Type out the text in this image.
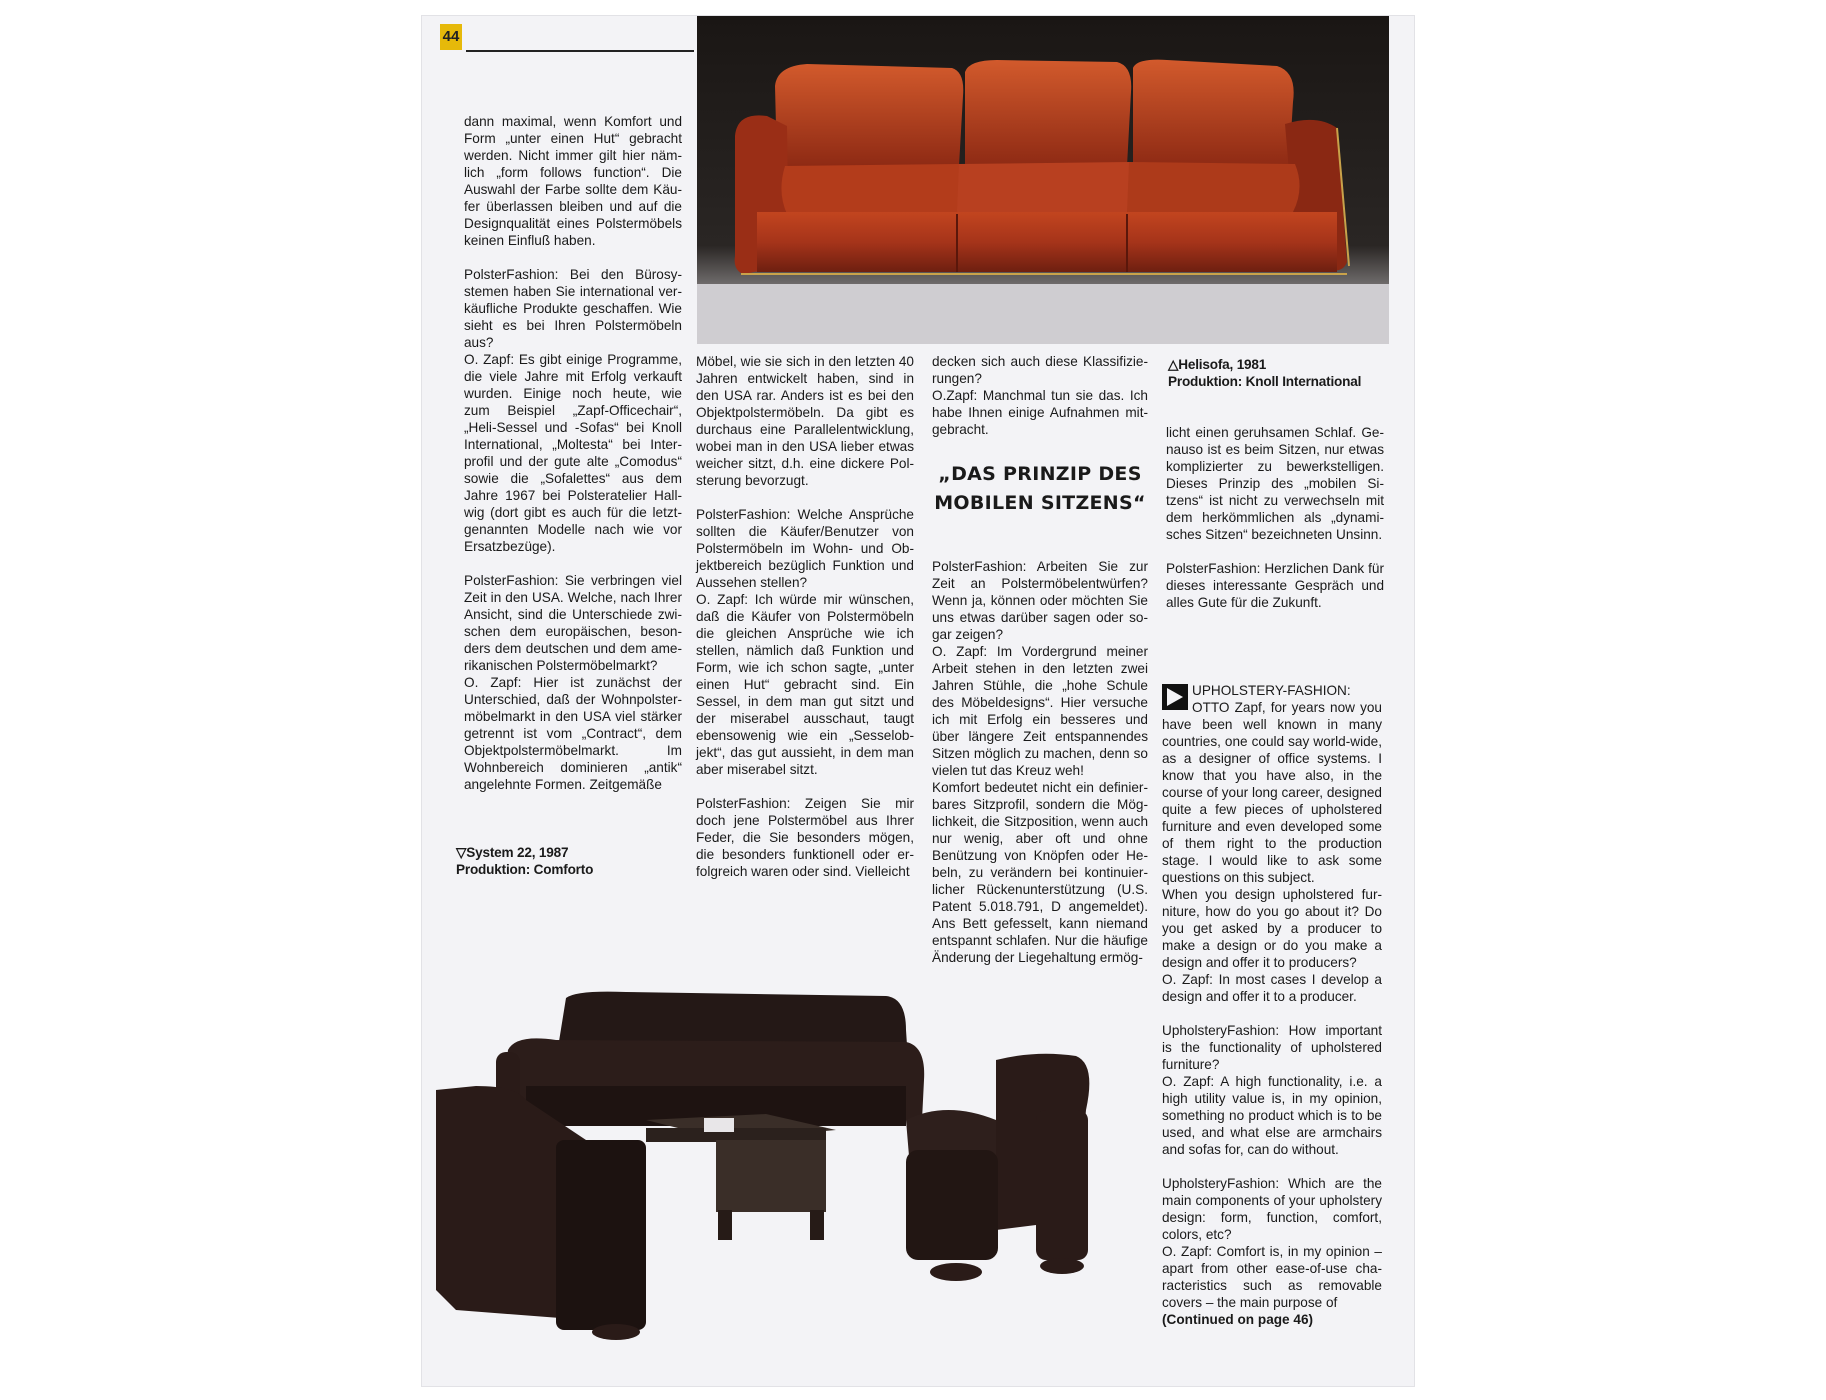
44

dann maximal, wenn Komfort und Form „unter einen Hut“ gebracht werden. Nicht immer gilt hier nämlich „form follows function“. Die Auswahl der Farbe sollte dem Käufer überlassen bleiben und auf die Designqualität eines Polstermöbels keinen Einfluß haben.

PolsterFashion: Bei den Bürosystemen haben Sie international verkäufliche Produkte geschaffen. Wie sieht es bei Ihren Polstermöbeln aus?

O. Zapf: Es gibt einige Programme, die viele Jahre mit Erfolg verkauft wurden. Einige noch heute, wie zum Beispiel „Zapf-Officechair“, „Heli-Sessel und -Sofas“ bei Knoll International, „Moltesta“ bei Interprofil und der gute alte „Comodus“ sowie die „Sofalettes“ aus dem Jahre 1967 bei Polsteratelier Hallwig (dort gibt es auch für die letztgenannten Modelle nach wie vor Ersatzbezüge).

PolsterFashion: Sie verbringen viel Zeit in den USA. Welche, nach Ihrer Ansicht, sind die Unterschiede zwischen dem europäischen, besonders dem deutschen und dem amerikanischen Polstermöbelmarkt?

O. Zapf: Hier ist zunächst der Unterschied, daß der Wohnpolstermöbelmarkt in den USA viel stärker getrennt ist vom „Contract“, dem Objektpolstermöbelmarkt. Im Wohnbereich dominieren „antik“ angelehnte Formen. Zeitgemäße

▽System 22, 1987
Produktion: Comforto

Möbel, wie sie sich in den letzten 40 Jahren entwickelt haben, sind in den USA rar. Anders ist es bei den Objektpolstermöbeln. Da gibt es durchaus eine Parallelentwicklung, wobei man in den USA lieber etwas weicher sitzt, d.h. eine dickere Polsterung bevorzugt.

PolsterFashion: Welche Ansprüche sollten die Käufer/Benutzer von Polstermöbeln im Wohn- und Objektbereich bezüglich Funktion und Aussehen stellen?

O. Zapf: Ich würde mir wünschen, daß die Käufer von Polstermöbeln die gleichen Ansprüche wie ich stellen, nämlich daß Funktion und Form, wie ich schon sagte, „unter einen Hut“ gebracht sind. Ein Sessel, in dem man gut sitzt und der miserabel ausschaut, taugt ebensowenig wie ein „Sesselobjekt“, das gut aussieht, in dem man aber miserabel sitzt.

PolsterFashion: Zeigen Sie mir doch jene Polstermöbel aus Ihrer Feder, die Sie besonders mögen, die besonders funktionell oder erfolgreich waren oder sind. Vielleicht

decken sich auch diese Klassifizierungen?

O.Zapf: Manchmal tun sie das. Ich habe Ihnen einige Aufnahmen mitgebracht.

„DAS PRINZIP DES MOBILEN SITZENS“

PolsterFashion: Arbeiten Sie zur Zeit an Polstermöbelentwürfen? Wenn ja, können oder möchten Sie uns etwas darüber sagen oder sogar zeigen?

O. Zapf: Im Vordergrund meiner Arbeit stehen in den letzten zwei Jahren Stühle, die „hohe Schule des Möbeldesigns“. Hier versuche ich mit Erfolg ein besseres und über längere Zeit entspannendes Sitzen möglich zu machen, denn so vielen tut das Kreuz weh!

Komfort bedeutet nicht ein definierbares Sitzprofil, sondern die Möglichkeit, die Sitzposition, wenn auch nur wenig, aber oft und ohne Benützung von Knöpfen oder Hebeln, zu verändern bei kontinuierlicher Rückenunterstützung (U.S. Patent 5.018.791, D angemeldet). Ans Bett gefesselt, kann niemand entspannt schlafen. Nur die häufige Änderung der Liegehaltung ermög-

△Helisofa, 1981
Produktion: Knoll International

licht einen geruhsamen Schlaf. Genauso ist es beim Sitzen, nur etwas komplizierter zu bewerkstelligen. Dieses Prinzip des „mobilen Sitzens“ ist nicht zu verwechseln mit dem herkömmlichen als „dynamisches Sitzen“ bezeichneten Unsinn.

PolsterFashion: Herzlichen Dank für dieses interessante Gespräch und alles Gute für die Zukunft.

UPHOLSTERY-FASHION: OTTO Zapf, for years now you have been well known in many countries, one could say world-wide, as a designer of office systems. I know that you have also, in the course of your long career, designed quite a few pieces of upholstered furniture and even developed some of them right to the production stage. I would like to ask some questions on this subject.

When you design upholstered furniture, how do you go about it? Do you get asked by a producer to make a design or do you make a design and offer it to producers?

O. Zapf: In most cases I develop a design and offer it to a producer.

UpholsteryFashion: How important is the functionality of upholstered furniture?

O. Zapf: A high functionality, i.e. a high utility value is, in my opinion, something no product which is to be used, and what else are armchairs and sofas for, can do without.

UpholsteryFashion: Which are the main components of your upholstery design: form, function, comfort, colors, etc?

O. Zapf: Comfort is, in my opinion – apart from other ease-of-use characteristics such as removable covers – the main purpose of

(Continued on page 46)
